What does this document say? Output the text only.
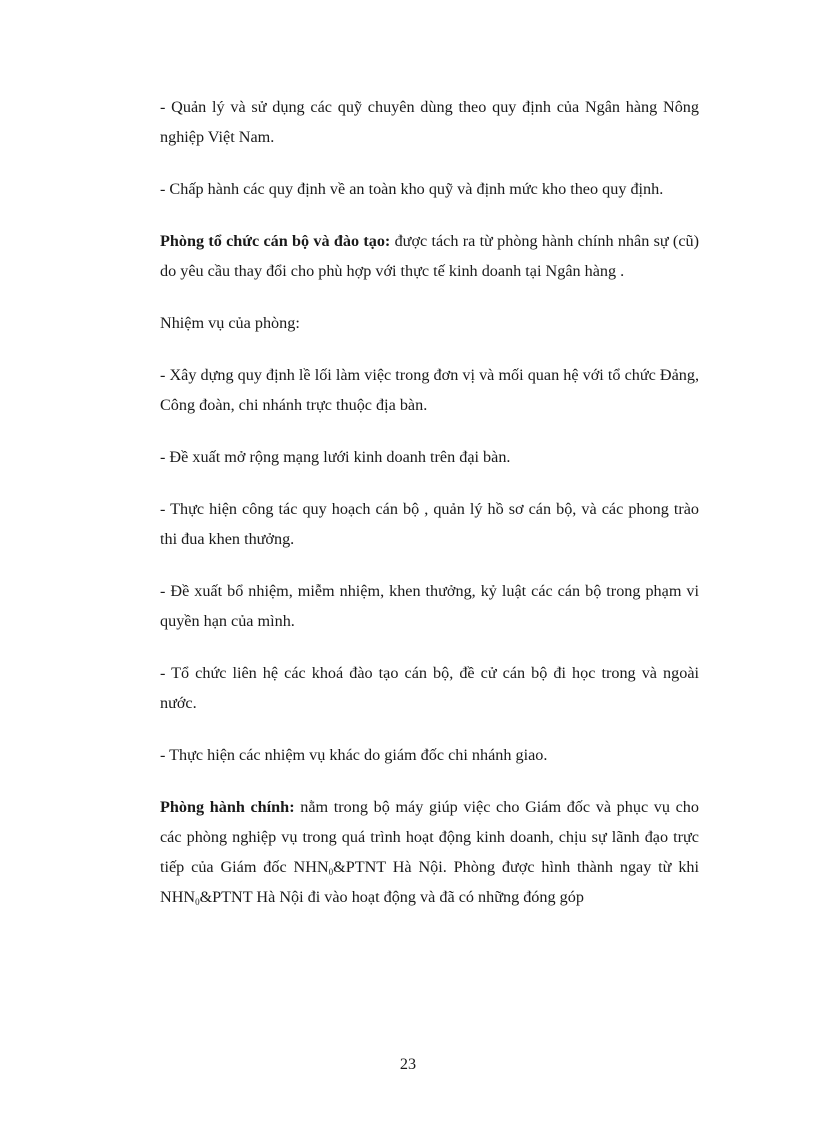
- Quản lý và sử dụng các quỹ chuyên dùng theo quy định của Ngân hàng Nông nghiệp Việt Nam.

- Chấp hành các quy định về an toàn kho quỹ và định mức kho theo quy định.

Phòng tổ chức cán bộ và đào tạo: được tách ra từ phòng hành chính nhân sự (cũ) do yêu cầu thay đổi cho phù hợp với thực tế kinh doanh tại Ngân hàng .

Nhiệm vụ của phòng:

- Xây dựng quy định lề lối làm việc trong đơn vị và mối quan hệ với tổ chức Đảng, Công đoàn, chi nhánh trực thuộc địa bàn.

- Đề xuất mở rộng mạng lưới kinh doanh trên đại bàn.

- Thực hiện công tác quy hoạch cán bộ , quản lý hồ sơ cán bộ, và các phong trào thi đua khen thưởng.

- Đề xuất bổ nhiệm, miễm nhiệm, khen thưởng, kỷ luật các cán bộ trong phạm vi quyền hạn của mình.

- Tổ chức liên hệ các khoá đào tạo cán bộ, đề cử cán bộ đi học trong và ngoài nước.

- Thực hiện các nhiệm vụ khác do giám đốc chi nhánh giao.

Phòng hành chính: nằm trong bộ máy giúp việc cho Giám đốc và phục vụ cho các phòng nghiệp vụ trong quá trình hoạt động kinh doanh, chịu sự lãnh đạo trực tiếp của Giám đốc $NHN_0\&PTNT$ Hà Nội. Phòng được hình thành ngay từ khi $NHN_0\&PTNT$ Hà Nội đi vào hoạt động và đã có những đóng góp

23
